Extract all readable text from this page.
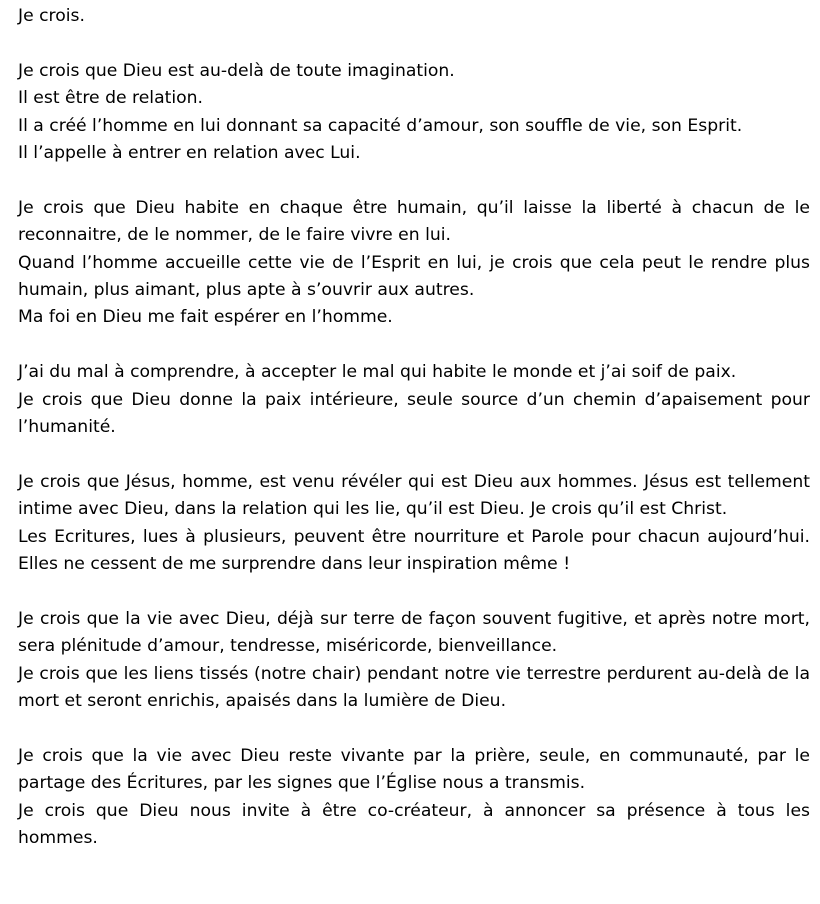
Je crois.

Je crois que Dieu est au-delà de toute imagination.

Il est être de relation.

Il a créé l’homme en lui donnant sa capacité d’amour, son souffle de vie, son Esprit.

Il l’appelle à entrer en relation avec Lui.

Je crois que Dieu habite en chaque être humain, qu’il laisse la liberté à chacun de le reconnaitre, de le nommer, de le faire vivre en lui.

Quand l’homme accueille cette vie de l’Esprit en lui, je crois que cela peut le rendre plus humain, plus aimant, plus apte à s’ouvrir aux autres.

Ma foi en Dieu me fait espérer en l’homme.

J’ai du mal à comprendre, à accepter le mal qui habite le monde et j’ai soif de paix.

Je crois que Dieu donne la paix intérieure, seule source d’un chemin d’apaisement pour l’humanité.

Je crois que Jésus, homme, est venu révéler qui est Dieu aux hommes. Jésus est tellement intime avec Dieu, dans la relation qui les lie, qu’il est Dieu. Je crois qu’il est Christ.

Les Ecritures, lues à plusieurs, peuvent être nourriture et Parole pour chacun aujourd’hui. Elles ne cessent de me surprendre dans leur inspiration même !

Je crois que la vie avec Dieu, déjà sur terre de façon souvent fugitive, et après notre mort, sera plénitude d’amour, tendresse, miséricorde, bienveillance.

Je crois que les liens tissés (notre chair) pendant notre vie terrestre perdurent au-delà de la mort et seront enrichis, apaisés dans la lumière de Dieu.

Je crois que la vie avec Dieu reste vivante par la prière, seule, en communauté, par le partage des Écritures, par les signes que l’Église nous a transmis.

Je crois que Dieu nous invite à être co-créateur, à annoncer sa présence à tous les hommes.
